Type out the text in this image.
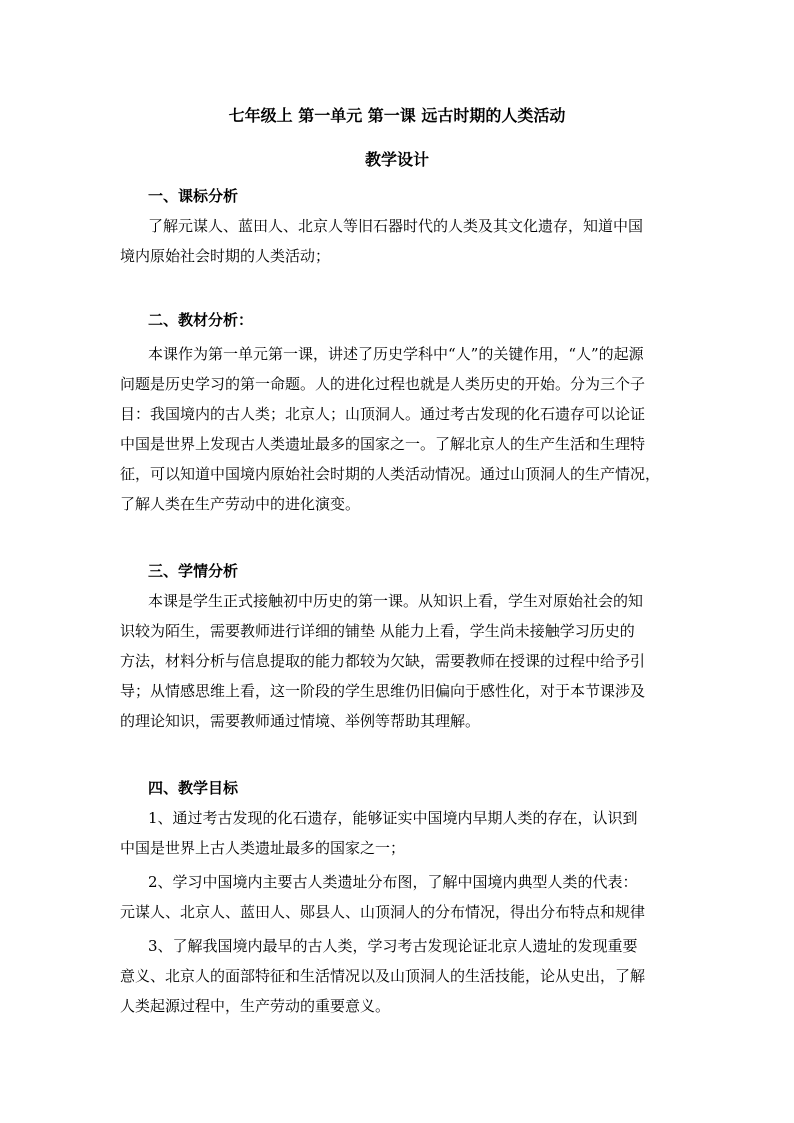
七年级上 第一单元 第一课 远古时期的人类活动
教学设计
一、课标分析
了解元谋人、蓝田人、北京人等旧石器时代的人类及其文化遗存，知道中国
境内原始社会时期的人类活动；
二、教材分析：
本课作为第一单元第一课，讲述了历史学科中“人”的关键作用，“人”的起源
问题是历史学习的第一命题。人的进化过程也就是人类历史的开始。分为三个子
目：我国境内的古人类；北京人；山顶洞人。通过考古发现的化石遗存可以论证
中国是世界上发现古人类遗址最多的国家之一。了解北京人的生产生活和生理特
征，可以知道中国境内原始社会时期的人类活动情况。通过山顶洞人的生产情况，
了解人类在生产劳动中的进化演变。
三、学情分析
本课是学生正式接触初中历史的第一课。从知识上看，学生对原始社会的知
识较为陌生，需要教师进行详细的铺垫 从能力上看，学生尚未接触学习历史的
方法，材料分析与信息提取的能力都较为欠缺，需要教师在授课的过程中给予引
导；从情感思维上看，这一阶段的学生思维仍旧偏向于感性化，对于本节课涉及
的理论知识，需要教师通过情境、举例等帮助其理解。
四、教学目标
1、通过考古发现的化石遗存，能够证实中国境内早期人类的存在，认识到
中国是世界上古人类遗址最多的国家之一；
2、学习中国境内主要古人类遗址分布图，了解中国境内典型人类的代表：
元谋人、北京人、蓝田人、郧县人、山顶洞人的分布情况，得出分布特点和规律
3、了解我国境内最早的古人类，学习考古发现论证北京人遗址的发现重要
意义、北京人的面部特征和生活情况以及山顶洞人的生活技能，论从史出，了解
人类起源过程中，生产劳动的重要意义。
